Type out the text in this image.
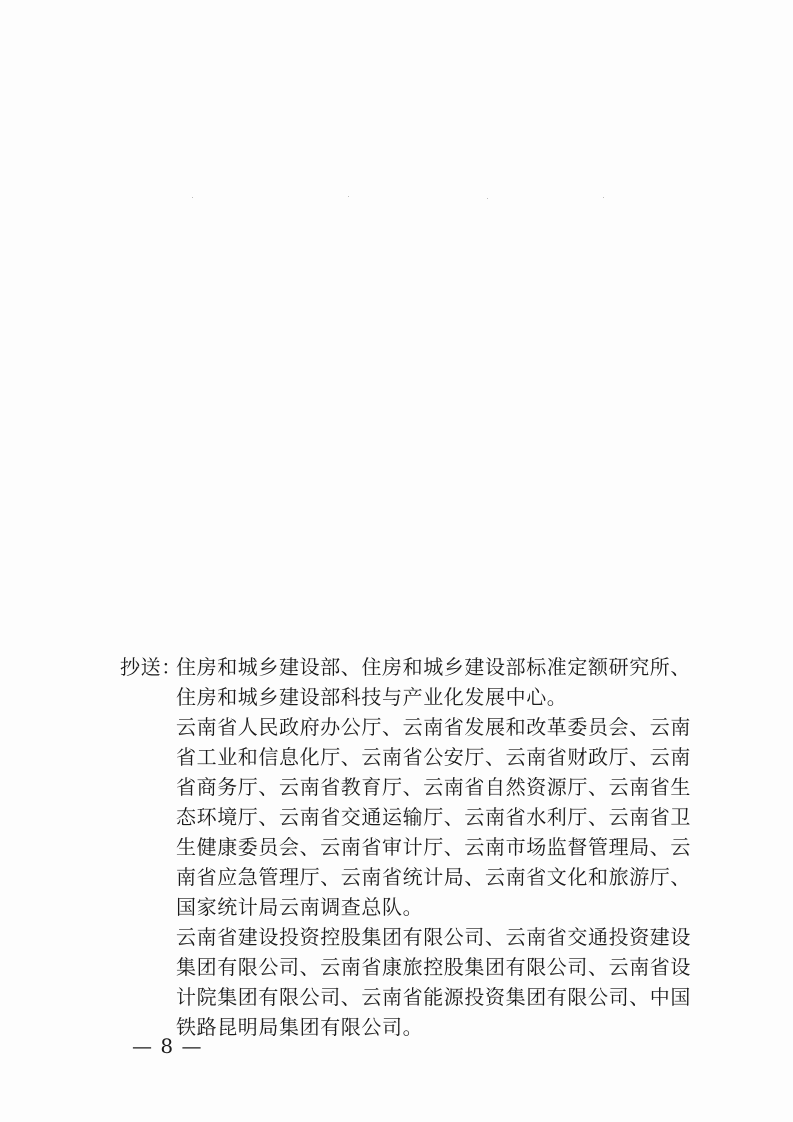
抄送：

住房和城乡建设部、住房和城乡建设部标准定额研究所、
住房和城乡建设部科技与产业化发展中心。

云南省人民政府办公厅、云南省发展和改革委员会、云南
省工业和信息化厅、云南省公安厅、云南省财政厅、云南
省商务厅、云南省教育厅、云南省自然资源厅、云南省生
态环境厅、云南省交通运输厅、云南省水利厅、云南省卫
生健康委员会、云南省审计厅、云南市场监督管理局、云
南省应急管理厅、云南省统计局、云南省文化和旅游厅、
国家统计局云南调查总队。

云南省建设投资控股集团有限公司、云南省交通投资建设
集团有限公司、云南省康旅控股集团有限公司、云南省设
计院集团有限公司、云南省能源投资集团有限公司、中国
铁路昆明局集团有限公司。

— 8 —
